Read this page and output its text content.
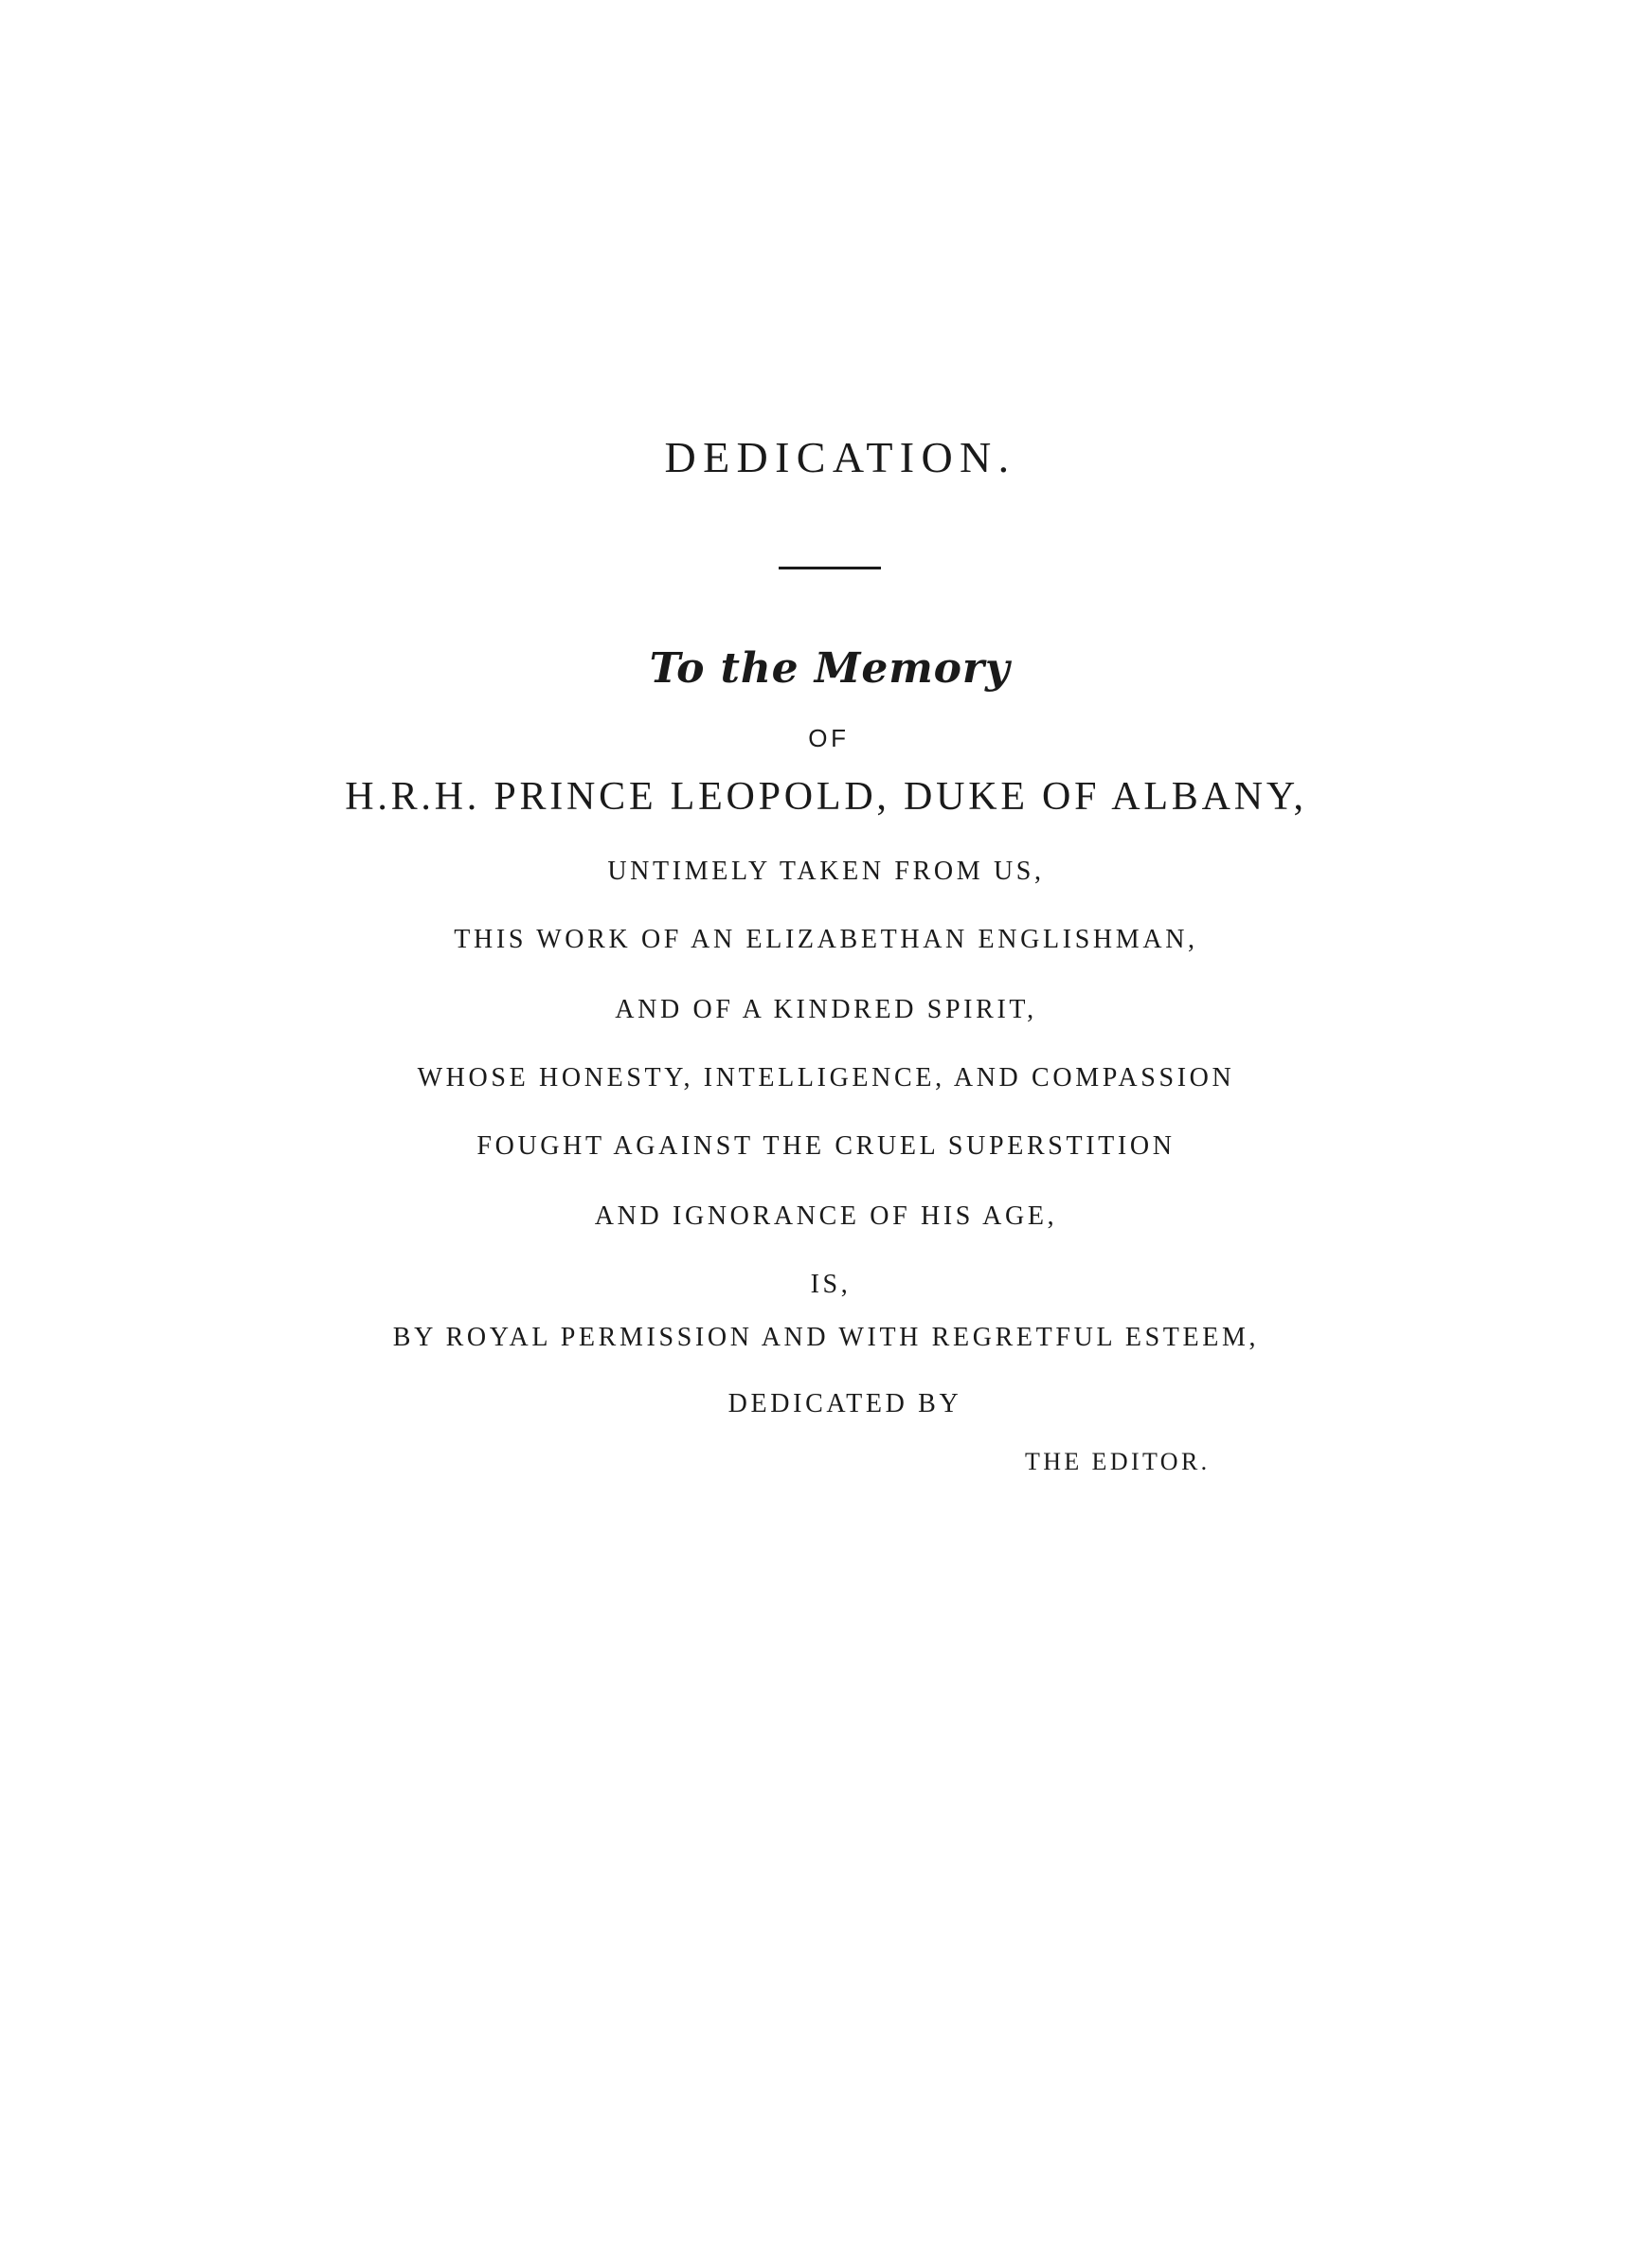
DEDICATION.
To the Memory
OF
H.R.H. PRINCE LEOPOLD, DUKE OF ALBANY,
UNTIMELY TAKEN FROM US,
THIS WORK OF AN ELIZABETHAN ENGLISHMAN,
AND OF A KINDRED SPIRIT,
WHOSE HONESTY, INTELLIGENCE, AND COMPASSION
FOUGHT AGAINST THE CRUEL SUPERSTITION
AND IGNORANCE OF HIS AGE,
IS,
BY ROYAL PERMISSION AND WITH REGRETFUL ESTEEM,
DEDICATED BY
THE EDITOR.
